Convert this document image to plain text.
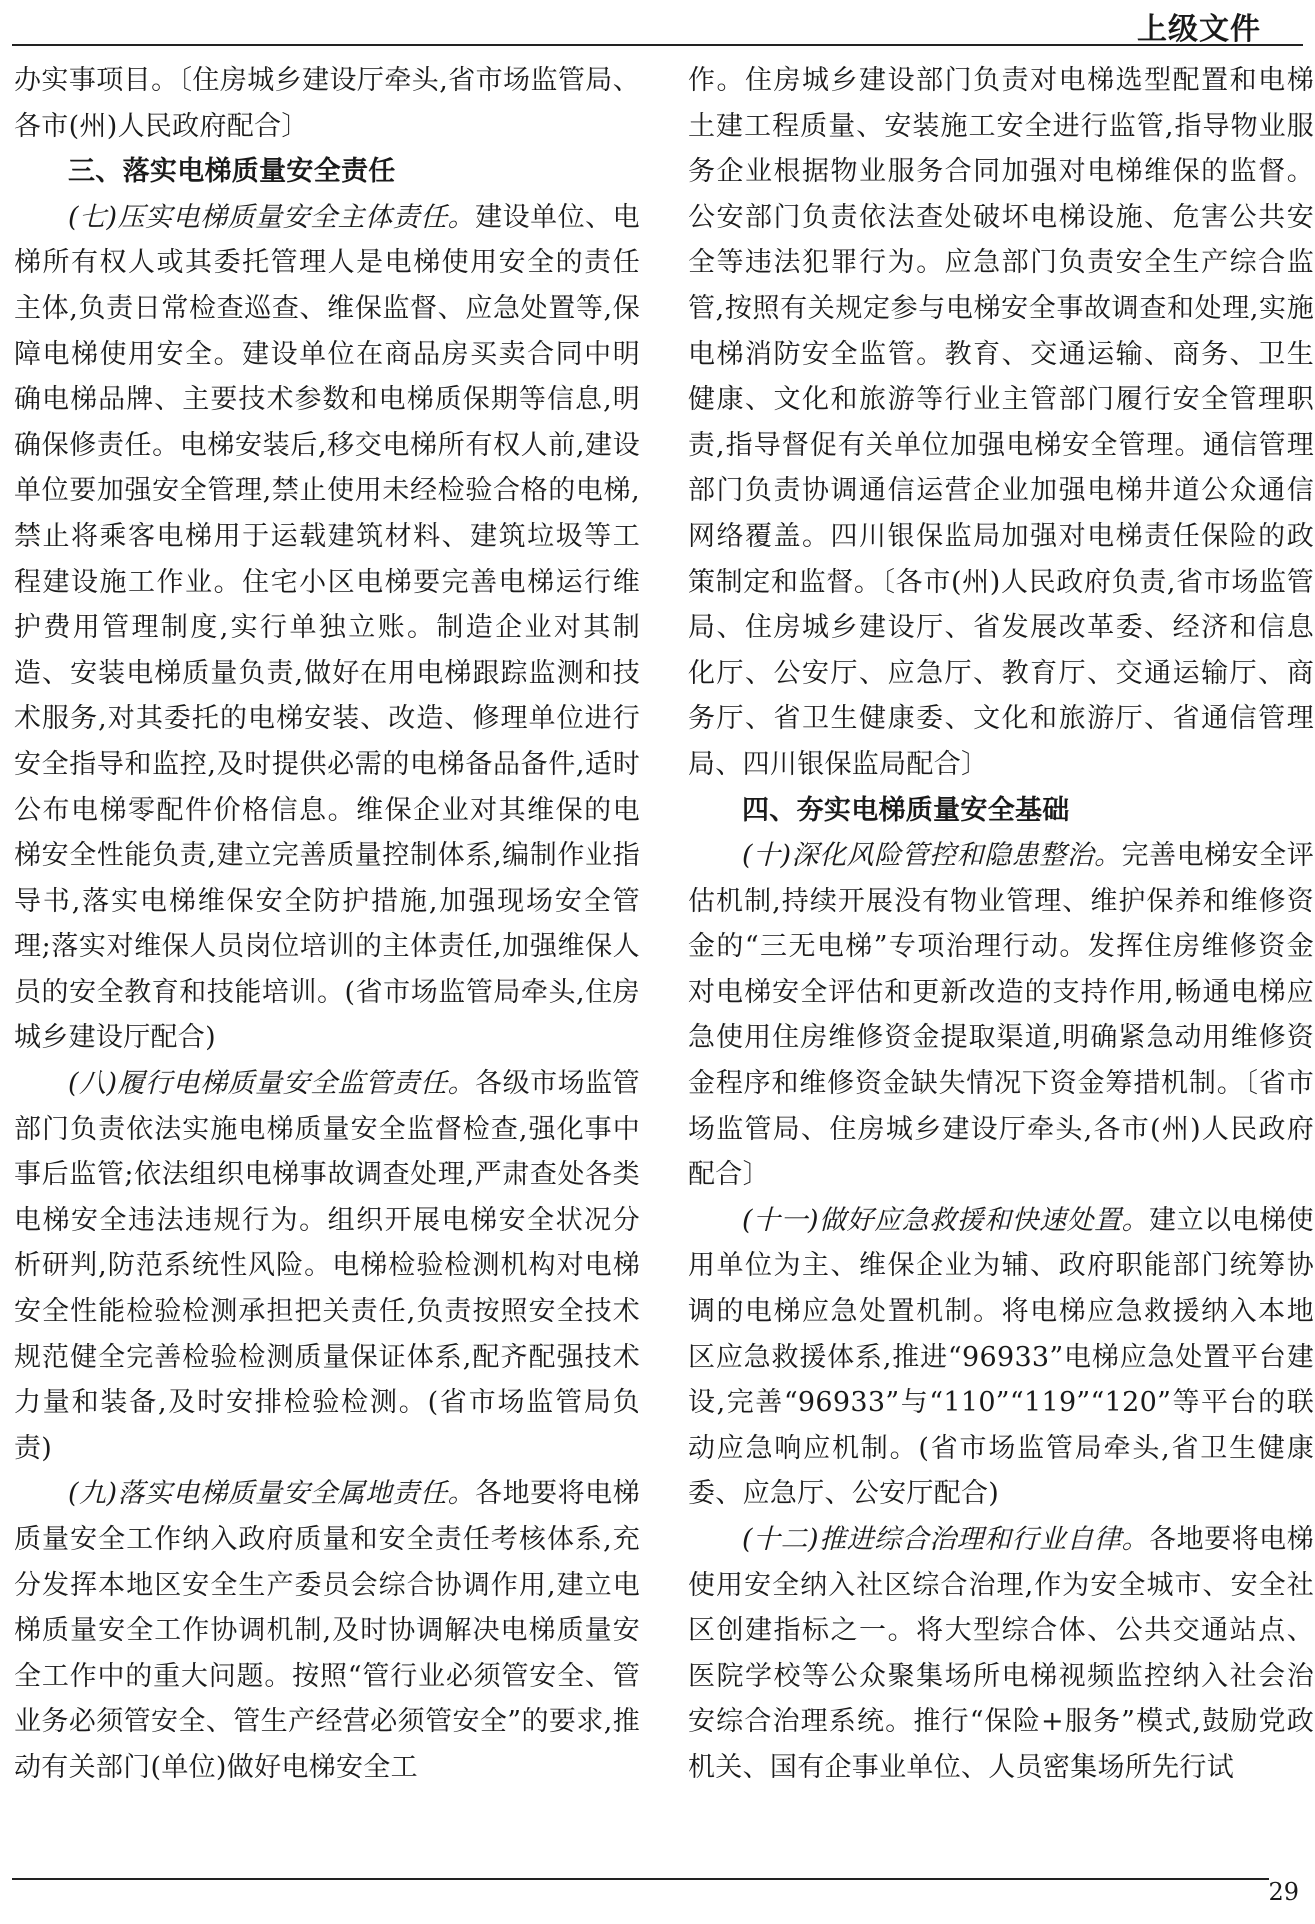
上级文件

办实事项目。〔住房城乡建设厅牵头,省市场监管局、各市(州)人民政府配合〕

三、落实电梯质量安全责任

(七)压实电梯质量安全主体责任。建设单位、电梯所有权人或其委托管理人是电梯使用安全的责任主体,负责日常检查巡查、维保监督、应急处置等,保障电梯使用安全。建设单位在商品房买卖合同中明确电梯品牌、主要技术参数和电梯质保期等信息,明确保修责任。电梯安装后,移交电梯所有权人前,建设单位要加强安全管理,禁止使用未经检验合格的电梯,禁止将乘客电梯用于运载建筑材料、建筑垃圾等工程建设施工作业。住宅小区电梯要完善电梯运行维护费用管理制度,实行单独立账。制造企业对其制造、安装电梯质量负责,做好在用电梯跟踪监测和技术服务,对其委托的电梯安装、改造、修理单位进行安全指导和监控,及时提供必需的电梯备品备件,适时公布电梯零配件价格信息。维保企业对其维保的电梯安全性能负责,建立完善质量控制体系,编制作业指导书,落实电梯维保安全防护措施,加强现场安全管理;落实对维保人员岗位培训的主体责任,加强维保人员的安全教育和技能培训。(省市场监管局牵头,住房城乡建设厅配合)

(八)履行电梯质量安全监管责任。各级市场监管部门负责依法实施电梯质量安全监督检查,强化事中事后监管;依法组织电梯事故调查处理,严肃查处各类电梯安全违法违规行为。组织开展电梯安全状况分析研判,防范系统性风险。电梯检验检测机构对电梯安全性能检验检测承担把关责任,负责按照安全技术规范健全完善检验检测质量保证体系,配齐配强技术力量和装备,及时安排检验检测。(省市场监管局负责)

(九)落实电梯质量安全属地责任。各地要将电梯质量安全工作纳入政府质量和安全责任考核体系,充分发挥本地区安全生产委员会综合协调作用,建立电梯质量安全工作协调机制,及时协调解决电梯质量安全工作中的重大问题。按照“管行业必须管安全、管业务必须管安全、管生产经营必须管安全”的要求,推动有关部门(单位)做好电梯安全工

作。住房城乡建设部门负责对电梯选型配置和电梯土建工程质量、安装施工安全进行监管,指导物业服务企业根据物业服务合同加强对电梯维保的监督。公安部门负责依法查处破坏电梯设施、危害公共安全等违法犯罪行为。应急部门负责安全生产综合监管,按照有关规定参与电梯安全事故调查和处理,实施电梯消防安全监管。教育、交通运输、商务、卫生健康、文化和旅游等行业主管部门履行安全管理职责,指导督促有关单位加强电梯安全管理。通信管理部门负责协调通信运营企业加强电梯井道公众通信网络覆盖。四川银保监局加强对电梯责任保险的政策制定和监督。〔各市(州)人民政府负责,省市场监管局、住房城乡建设厅、省发展改革委、经济和信息化厅、公安厅、应急厅、教育厅、交通运输厅、商务厅、省卫生健康委、文化和旅游厅、省通信管理局、四川银保监局配合〕

四、夯实电梯质量安全基础

(十)深化风险管控和隐患整治。完善电梯安全评估机制,持续开展没有物业管理、维护保养和维修资金的“三无电梯”专项治理行动。发挥住房维修资金对电梯安全评估和更新改造的支持作用,畅通电梯应急使用住房维修资金提取渠道,明确紧急动用维修资金程序和维修资金缺失情况下资金筹措机制。〔省市场监管局、住房城乡建设厅牵头,各市(州)人民政府配合〕

(十一)做好应急救援和快速处置。建立以电梯使用单位为主、维保企业为辅、政府职能部门统筹协调的电梯应急处置机制。将电梯应急救援纳入本地区应急救援体系,推进“96933”电梯应急处置平台建设,完善“96933”与“110”“119”“120”等平台的联动应急响应机制。(省市场监管局牵头,省卫生健康委、应急厅、公安厅配合)

(十二)推进综合治理和行业自律。各地要将电梯使用安全纳入社区综合治理,作为安全城市、安全社区创建指标之一。将大型综合体、公共交通站点、医院学校等公众聚集场所电梯视频监控纳入社会治安综合治理系统。推行“保险+服务”模式,鼓励党政机关、国有企事业单位、人员密集场所先行试

29
